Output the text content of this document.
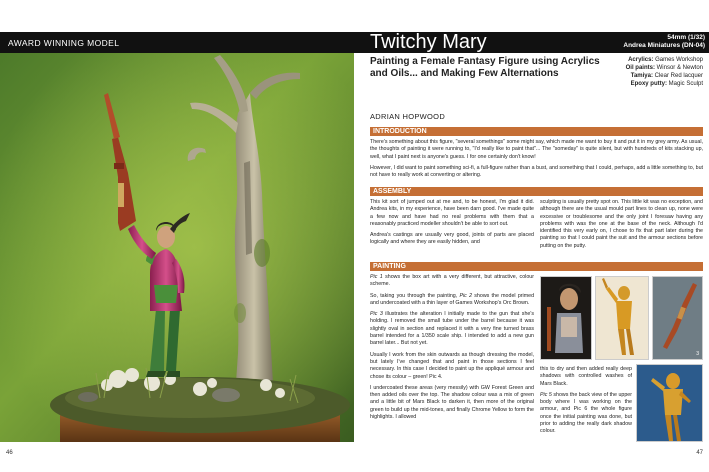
AWARD WINNING MODEL	Twitchy Mary	54mm (1/32)
Andrea Miniatures (DN-04)
46	47
Painting a Female Fantasy Figure using Acrylics and Oils... and Making Few Alternations
Acrylics: Games Workshop
Oil paints: Winsor & Newton
Tamiya: Clear Red lacquer
Epoxy putty: Magic Sculpt
ADRIAN HOPWOOD
INTRODUCTION

There's something about this figure, "several somethings" some might say, which made me want to buy it and put it in my grey army. As usual, the thoughts of painting it were running to, "I'd really like to paint that"... The "someday" is quite silent, but with hundreds of kits stacking up, well, what I paint next is anyone's guess. I for one certainly don't know!

However, I did want to paint something sci-fi, a full-figure rather than a bust, and something that I could, perhaps, add a little something to, but not have to really work at converting or altering.

ASSEMBLY

This kit sort of jumped out at me and, to be honest, I'm glad it did. Andrea kits, in my experience, have been darn good. I've made quite a few now and have had no real problems with them that a reasonably practiced modeller shouldn't be able to sort out.

Andrea's castings are usually very good, joints of parts are placed logically and where they are easily hidden, and

sculpting is usually pretty spot on. This little kit was no exception, and although there are the usual mould part lines to clean up, none were excessive or troublesome and the only joint I foresaw having any problems with was the one at the base of the neck. Although I'd identified this very early on, I chose to fix that part later during the painting so that I could paint the suit and the armour sections before putting on the putty.

PAINTING

Pic 1 shows the box art with a very different, but attractive, colour scheme.

So, taking you through the painting, Pic 2 shows the model primed and undercoated with a thin layer of Games Workshop's Orc Brown.

Pic 3 illustrates the alteration I initially made to the gun that she's holding. I removed the small tube under the barrel because it was slightly oval in section and replaced it with a very fine turned brass barrel intended for a 1/350 scale ship. I intended to add a new gun barrel later... But not yet.

Usually I work from the skin outwards as though dressing the model, but lately I've changed that and paint in those sections I feel necessary. In this case I decided to paint up the appliqué armour and chose its colour – green! Pic 4.

I undercoated these areas (very messily) with GW Forest Green and then added oils over the top. The shadow colour was a mix of green and a little bit of Mars Black to darken it, then more of the original green to build up the mid-tones, and finally Chrome Yellow to form the highlights. I allowed

3

this to dry and then added really deep shadows with controlled washes of Mars Black.

Pic 5 shows the back view of the upper body where I was working on the armour, and Pic 6 the whole figure once the initial painting was done, but prior to adding the really dark shadow colour.
